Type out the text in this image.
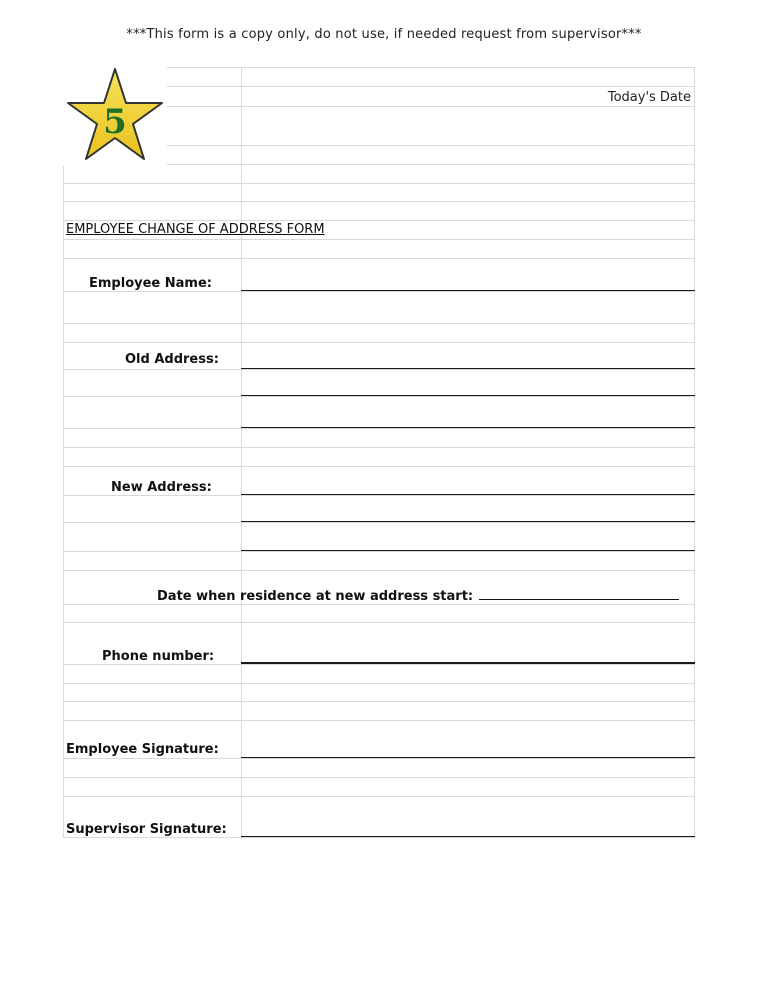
***This form is a copy only, do not use, if needed request from supervisor***
5
Today's Date
EMPLOYEE CHANGE OF ADDRESS FORM
Employee Name:
Old Address:
New Address:
Date when residence at new address start:
Phone number:
Employee Signature:
Supervisor Signature:
